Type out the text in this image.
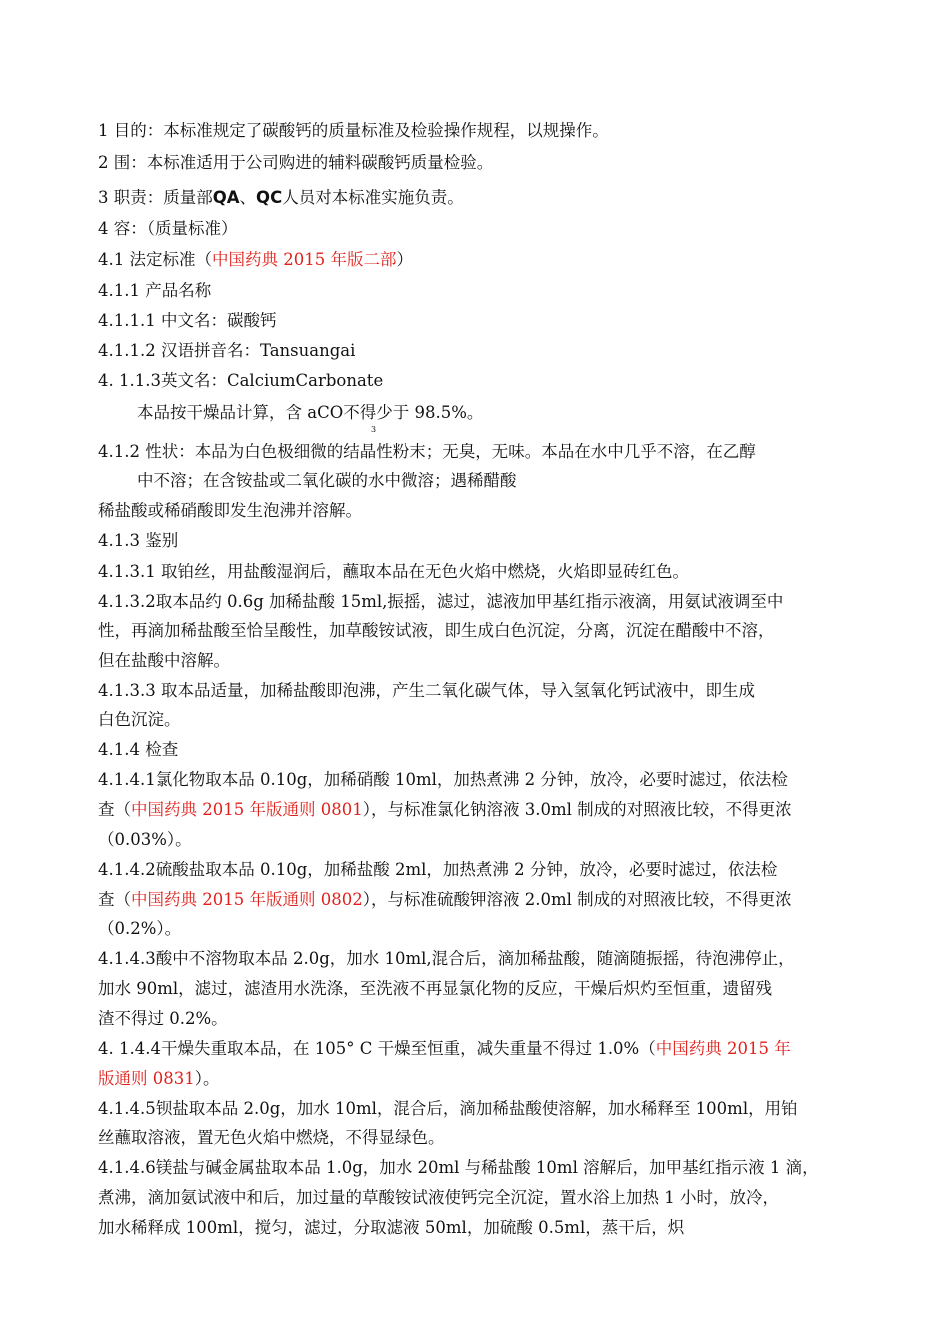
1 目的：本标准规定了碳酸钙的质量标准及检验操作规程，以规操作。
2 围：本标准适用于公司购进的辅料碳酸钙质量检验。
3 职责：质量部QA、QC人员对本标准实施负责。
4 容：（质量标准）
4.1 法定标准（中国药典 2015 年版二部）
4.1.1 产品名称
4.1.1.1 中文名：碳酸钙
4.1.1.2 汉语拼音名：Tansuangai
4. 1.1.3英文名：CalciumCarbonate
本品按干燥品计算，含 aCO不得少于 98.5%。
3
4.1.2 性状：本品为白色极细微的结晶性粉末；无臭，无味。本品在水中几乎不溶，在乙醇
中不溶；在含铵盐或二氧化碳的水中微溶；遇稀醋酸
稀盐酸或稀硝酸即发生泡沸并溶解。
4.1.3 鉴别
4.1.3.1 取铂丝，用盐酸湿润后，蘸取本品在无色火焰中燃烧，火焰即显砖红色。
4.1.3.2取本品约 0.6g 加稀盐酸 15ml,振摇，滤过，滤液加甲基红指示液滴，用氨试液调至中
性，再滴加稀盐酸至恰呈酸性，加草酸铵试液，即生成白色沉淀，分离，沉淀在醋酸中不溶，
但在盐酸中溶解。
4.1.3.3 取本品适量，加稀盐酸即泡沸，产生二氧化碳气体，导入氢氧化钙试液中，即生成
白色沉淀。
4.1.4 检查
4.1.4.1氯化物取本品 0.10g，加稀硝酸 10ml，加热煮沸 2 分钟，放冷，必要时滤过，依法检
查（中国药典 2015 年版通则 0801），与标准氯化钠溶液 3.0ml 制成的对照液比较，不得更浓
（0.03%）。
4.1.4.2硫酸盐取本品 0.10g，加稀盐酸 2ml，加热煮沸 2 分钟，放冷，必要时滤过，依法检
查（中国药典 2015 年版通则 0802），与标准硫酸钾溶液 2.0ml 制成的对照液比较，不得更浓
（0.2%）。
4.1.4.3酸中不溶物取本品 2.0g，加水 10ml,混合后，滴加稀盐酸，随滴随振摇，待泡沸停止，
加水 90ml，滤过，滤渣用水洗涤，至洗液不再显氯化物的反应，干燥后炽灼至恒重，遗留残
渣不得过 0.2%。
4. 1.4.4干燥失重取本品，在 105° C 干燥至恒重，减失重量不得过 1.0%（中国药典 2015 年
版通则 0831）。
4.1.4.5钡盐取本品 2.0g，加水 10ml，混合后，滴加稀盐酸使溶解，加水稀释至 100ml，用铂
丝蘸取溶液，置无色火焰中燃烧，不得显绿色。
4.1.4.6镁盐与碱金属盐取本品 1.0g，加水 20ml 与稀盐酸 10ml 溶解后，加甲基红指示液 1 滴，
煮沸，滴加氨试液中和后，加过量的草酸铵试液使钙完全沉淀，置水浴上加热 1 小时，放冷，
加水稀释成 100ml，搅匀，滤过，分取滤液 50ml，加硫酸 0.5ml，蒸干后，炽
